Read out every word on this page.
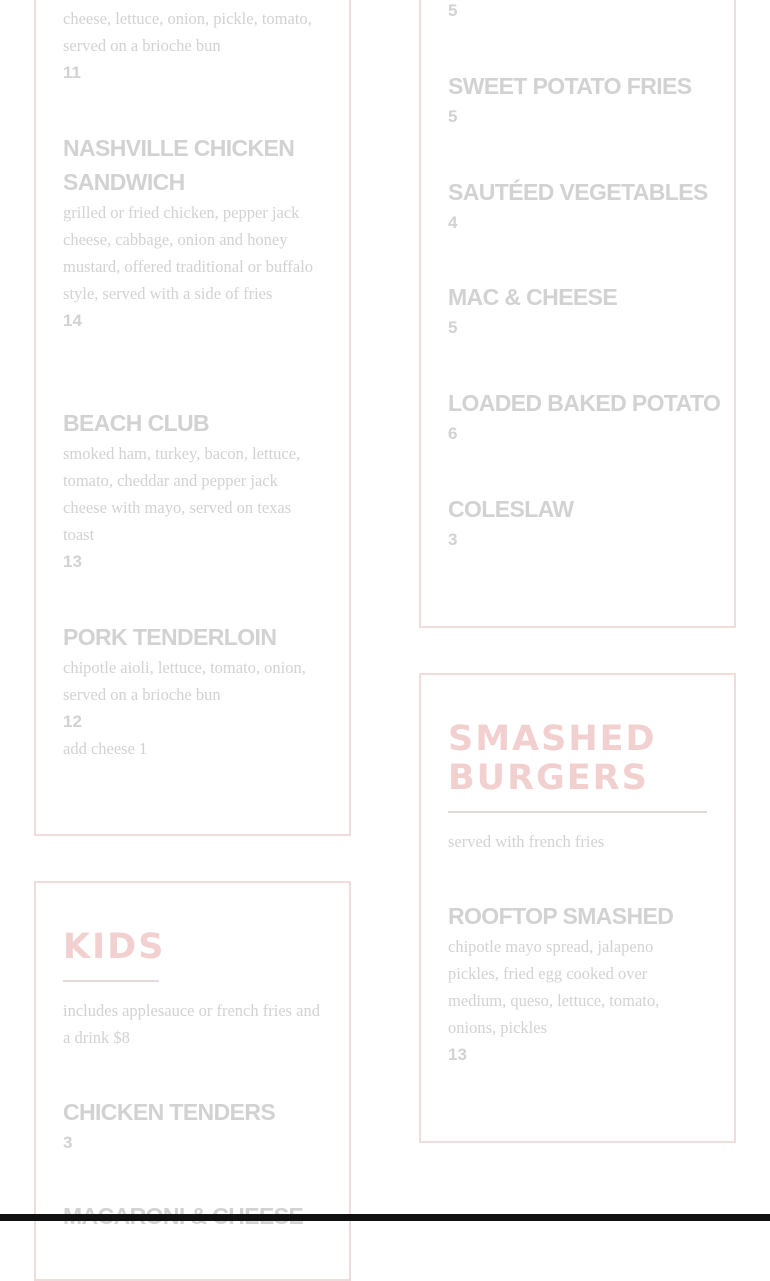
cheese, lettuce, onion, pickle, tomato, served on a brioche bun

11

NASHVILLE CHICKEN SANDWICH

grilled or fried chicken, pepper jack cheese, cabbage, onion and honey mustard, offered traditional or buffalo style, served with a side of fries

14

BEACH CLUB

smoked ham, turkey, bacon, lettuce, tomato, cheddar and pepper jack cheese with mayo, served on texas toast

13

PORK TENDERLOIN

chipotle aioli, lettuce, tomato, onion, served on a brioche bun

12

add cheese 1

5

SWEET POTATO FRIES

5

SAUTÉED VEGETABLES

4

MAC & CHEESE

5

LOADED BAKED POTATO

6

COLESLAW

3

SMASHED BURGERS

served with french fries

ROOFTOP SMASHED

chipotle mayo spread, jalapeno pickles, fried egg cooked over medium, queso, lettuce, tomato, onions, pickles

13

KIDS

includes applesauce or french fries and a drink $8

CHICKEN TENDERS

3
